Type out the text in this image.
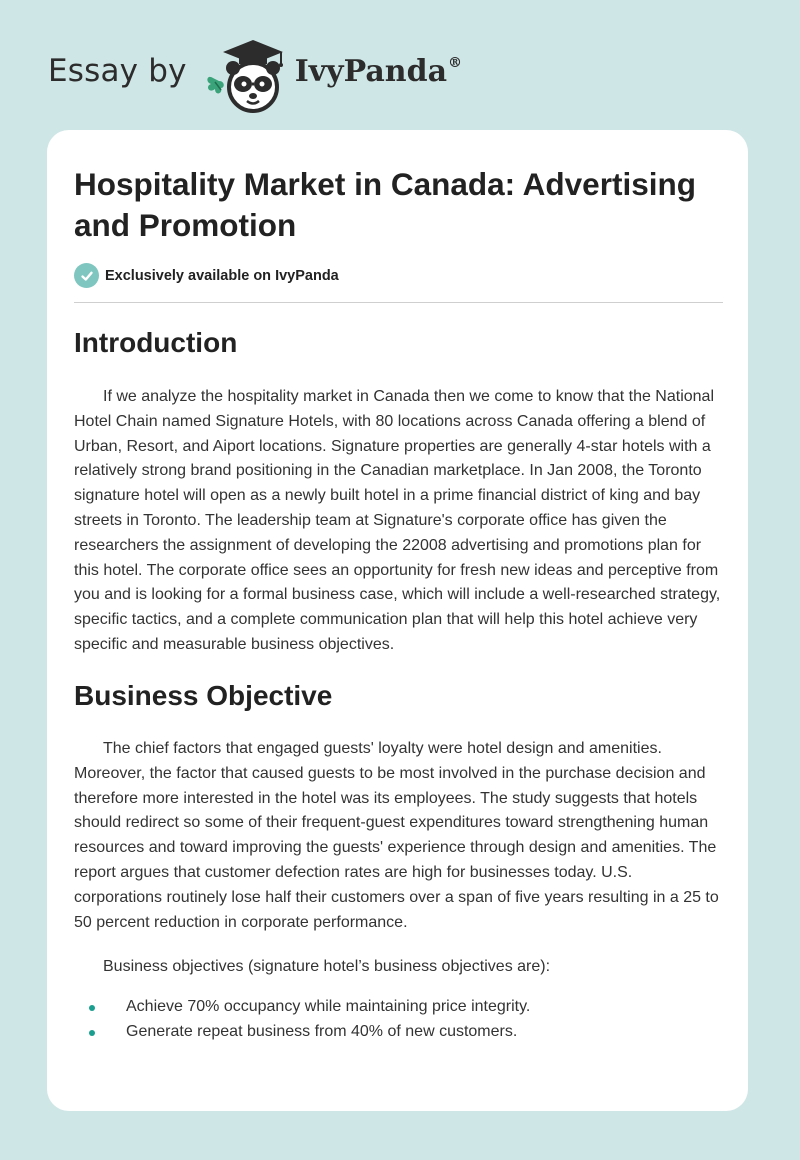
Essay by	IvyPanda®
Hospitality Market in Canada: Advertising and Promotion
Exclusively available on IvyPanda
Introduction
If we analyze the hospitality market in Canada then we come to know that the National Hotel Chain named Signature Hotels, with 80 locations across Canada offering a blend of Urban, Resort, and Aiport locations. Signature properties are generally 4-star hotels with a relatively strong brand positioning in the Canadian marketplace. In Jan 2008, the Toronto signature hotel will open as a newly built hotel in a prime financial district of king and bay streets in Toronto. The leadership team at Signature's corporate office has given the researchers the assignment of developing the 22008 advertising and promotions plan for this hotel. The corporate office sees an opportunity for fresh new ideas and perceptive from you and is looking for a formal business case, which will include a well-researched strategy, specific tactics, and a complete communication plan that will help this hotel achieve very specific and measurable business objectives.
Business Objective
The chief factors that engaged guests' loyalty were hotel design and amenities. Moreover, the factor that caused guests to be most involved in the purchase decision and therefore more interested in the hotel was its employees. The study suggests that hotels should redirect so some of their frequent-guest expenditures toward strengthening human resources and toward improving the guests' experience through design and amenities. The report argues that customer defection rates are high for businesses today. U.S. corporations routinely lose half their customers over a span of five years resulting in a 25 to 50 percent reduction in corporate performance.
Business objectives (signature hotel’s business objectives are):
Achieve 70% occupancy while maintaining price integrity.
Generate repeat business from 40% of new customers.
